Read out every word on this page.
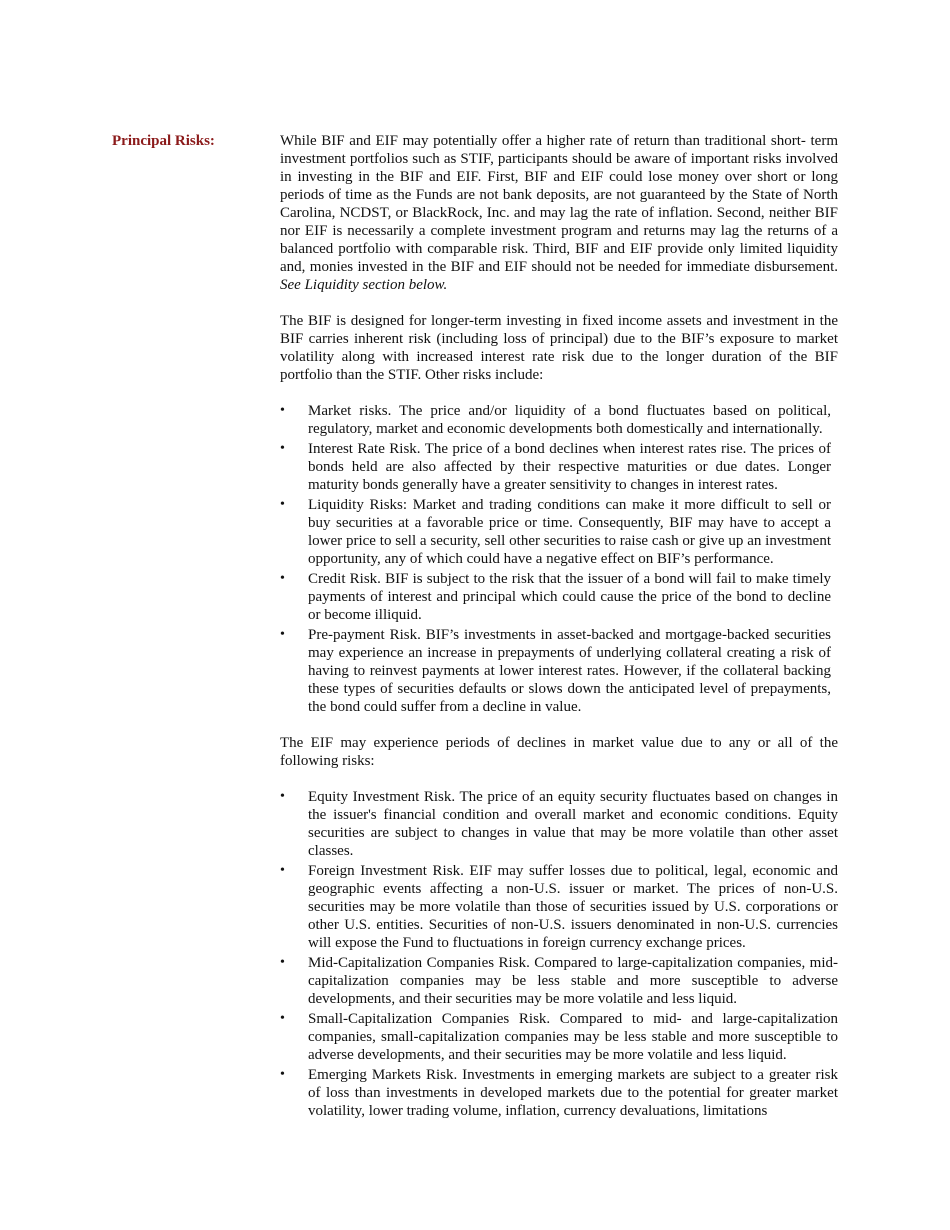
Principal Risks:	While BIF and EIF may potentially offer a higher rate of return than traditional short- term investment portfolios such as STIF, participants should be aware of important risks involved in investing in the BIF and EIF. First, BIF and EIF could lose money over short or long periods of time as the Funds are not bank deposits, are not guaranteed by the State of North Carolina, NCDST, or BlackRock, Inc. and may lag the rate of inflation. Second, neither BIF nor EIF is necessarily a complete investment program and returns may lag the returns of a balanced portfolio with comparable risk. Third, BIF and EIF provide only limited liquidity and, monies invested in the BIF and EIF should not be needed for immediate disbursement. See Liquidity section below.

The BIF is designed for longer-term investing in fixed income assets and investment in the BIF carries inherent risk (including loss of principal) due to the BIF’s exposure to market volatility along with increased interest rate risk due to the longer duration of the BIF portfolio than the STIF. Other risks include:

•	Market risks. The price and/or liquidity of a bond fluctuates based on political, regulatory, market and economic developments both domestically and internationally.
•	Interest Rate Risk. The price of a bond declines when interest rates rise. The prices of bonds held are also affected by their respective maturities or due dates. Longer maturity bonds generally have a greater sensitivity to changes in interest rates.
•	Liquidity Risks: Market and trading conditions can make it more difficult to sell or buy securities at a favorable price or time. Consequently, BIF may have to accept a lower price to sell a security, sell other securities to raise cash or give up an investment opportunity, any of which could have a negative effect on BIF’s performance.
•	Credit Risk. BIF is subject to the risk that the issuer of a bond will fail to make timely payments of interest and principal which could cause the price of the bond to decline or become illiquid.
•	Pre-payment Risk. BIF’s investments in asset-backed and mortgage-backed securities may experience an increase in prepayments of underlying collateral creating a risk of having to reinvest payments at lower interest rates. However, if the collateral backing these types of securities defaults or slows down the anticipated level of prepayments, the bond could suffer from a decline in value.

The EIF may experience periods of declines in market value due to any or all of the following risks:

•	Equity Investment Risk. The price of an equity security fluctuates based on changes in the issuer's financial condition and overall market and economic conditions. Equity securities are subject to changes in value that may be more volatile than other asset classes.
•	Foreign Investment Risk. EIF may suffer losses due to political, legal, economic and geographic events affecting a non-U.S. issuer or market. The prices of non-U.S. securities may be more volatile than those of securities issued by U.S. corporations or other U.S. entities. Securities of non-U.S. issuers denominated in non-U.S. currencies will expose the Fund to fluctuations in foreign currency exchange prices.
•	Mid-Capitalization Companies Risk. Compared to large-capitalization companies, mid-capitalization companies may be less stable and more susceptible to adverse developments, and their securities may be more volatile and less liquid.
•	Small-Capitalization Companies Risk. Compared to mid- and large-capitalization companies, small-capitalization companies may be less stable and more susceptible to adverse developments, and their securities may be more volatile and less liquid.
•	Emerging Markets Risk. Investments in emerging markets are subject to a greater risk of loss than investments in developed markets due to the potential for greater market volatility, lower trading volume, inflation, currency devaluations, limitations
